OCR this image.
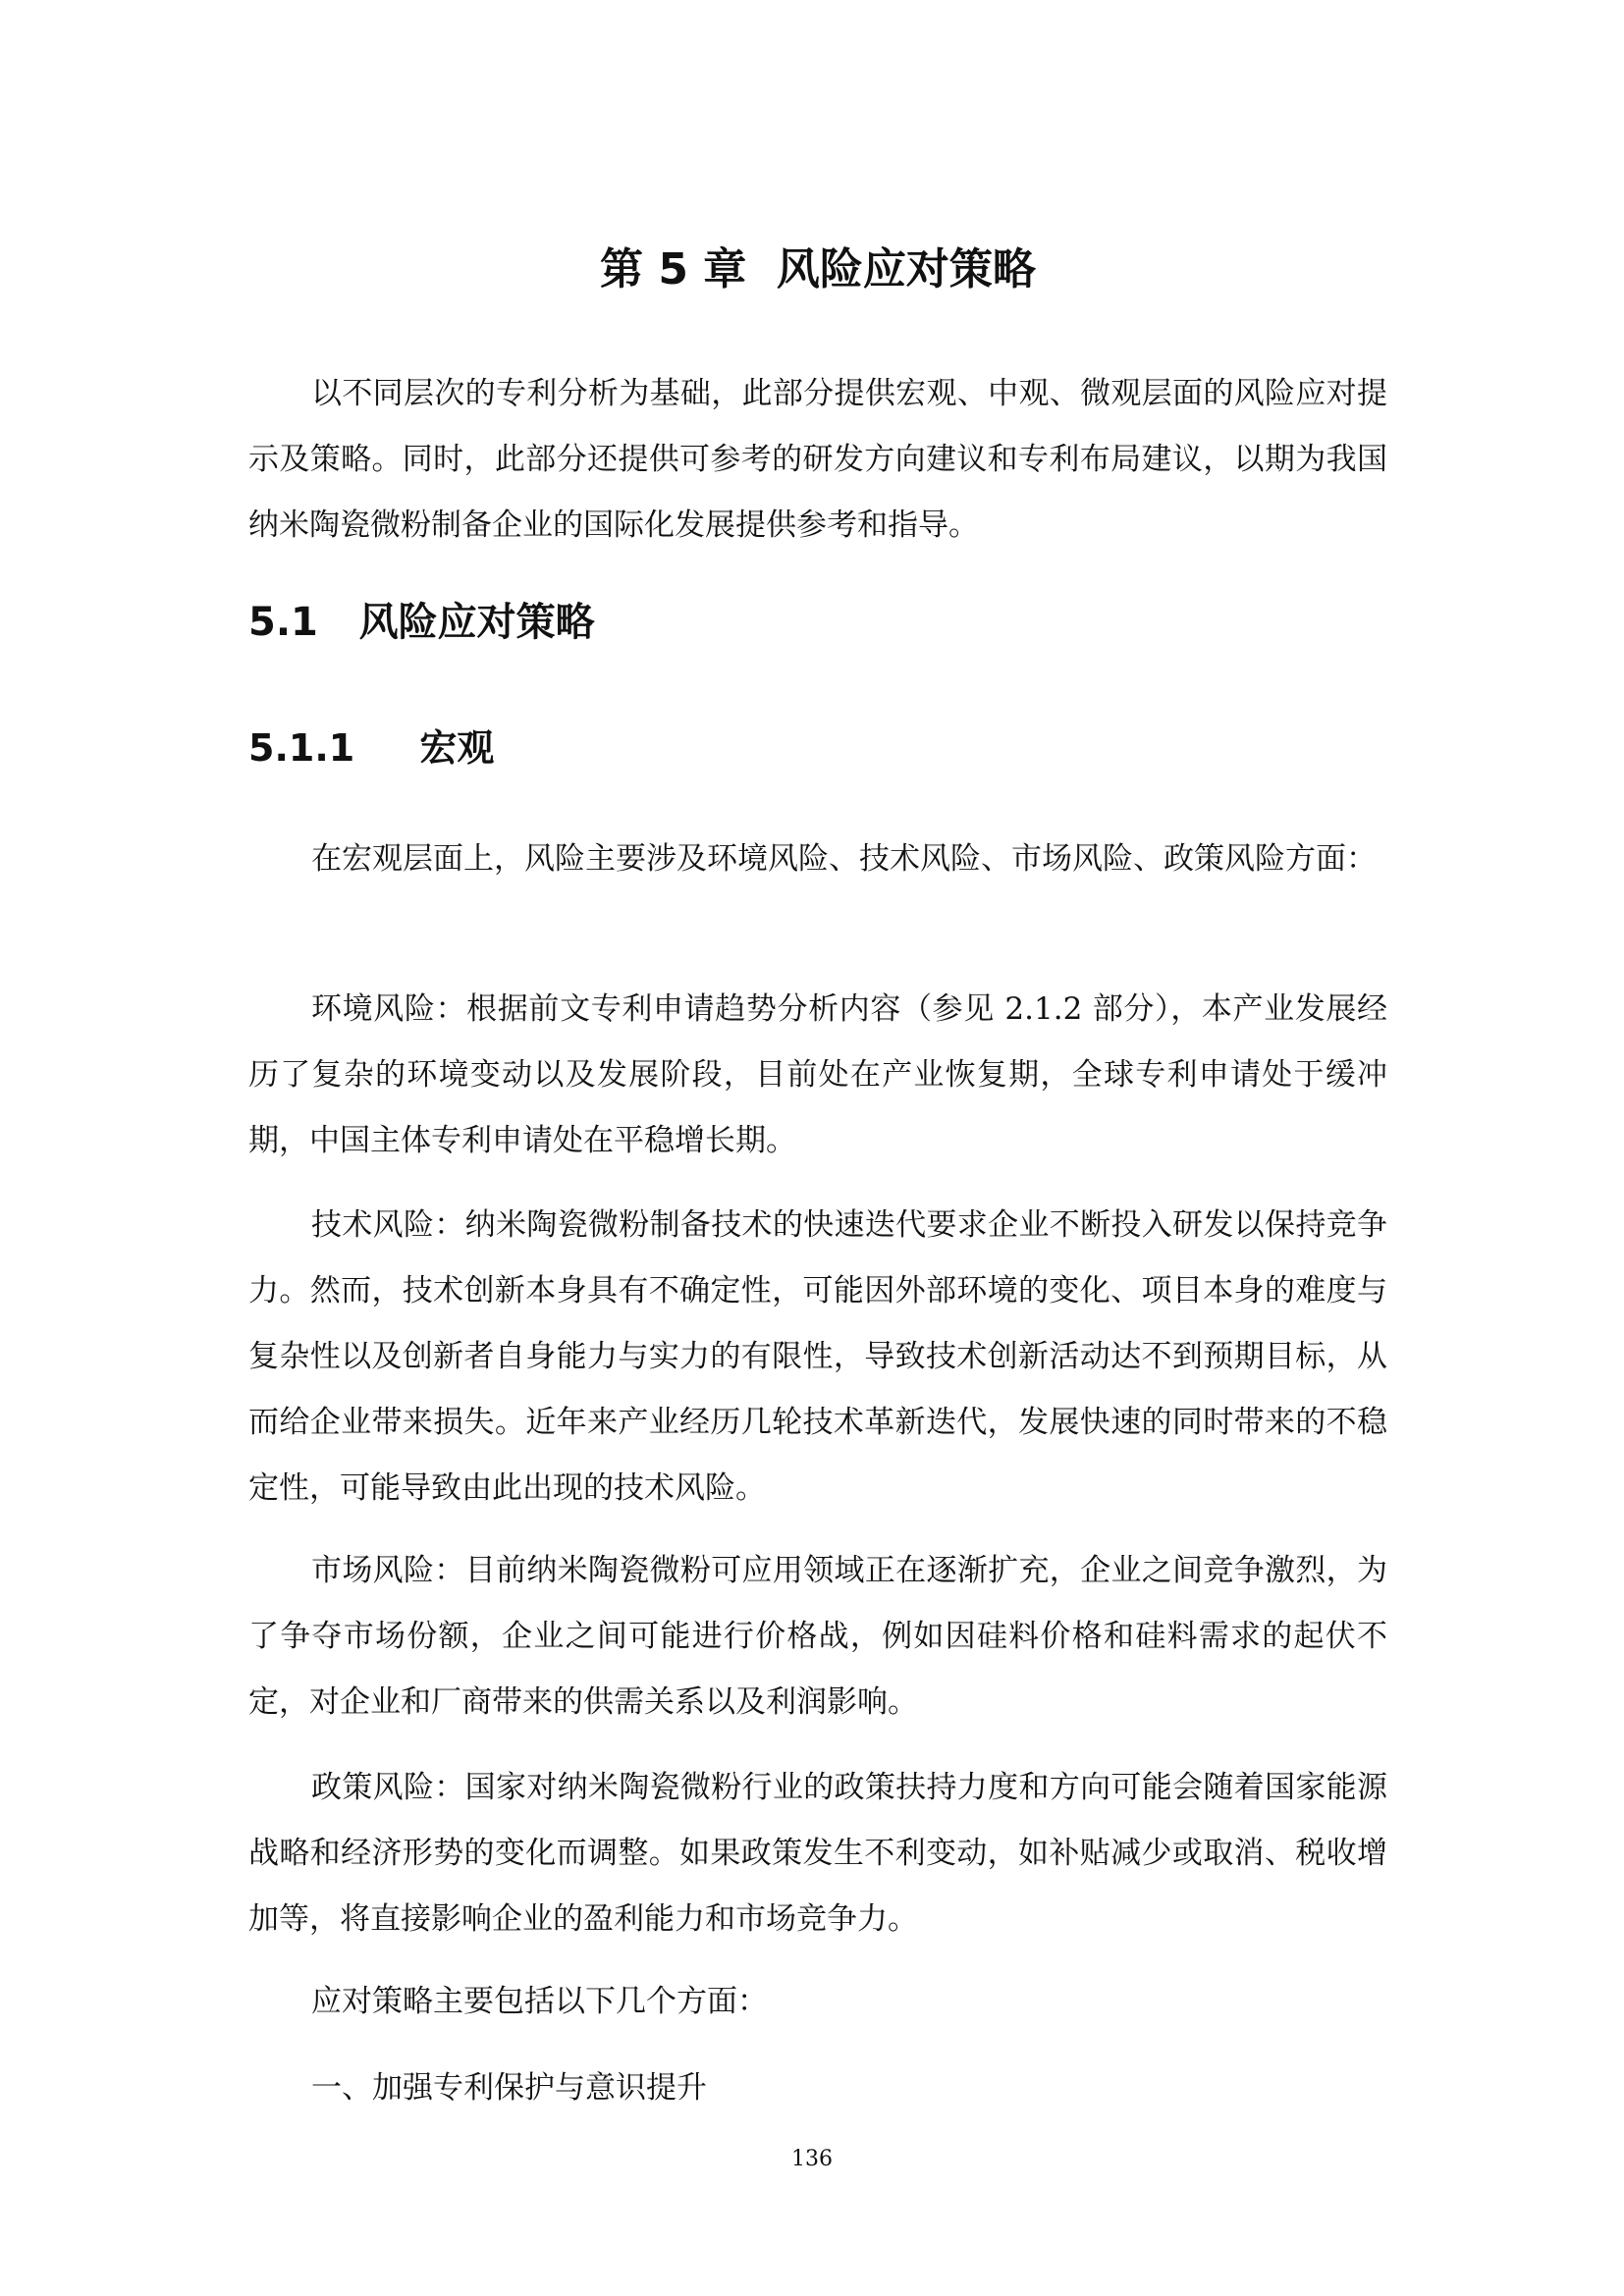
第 5 章  风险应对策略

以不同层次的专利分析为基础，此部分提供宏观、中观、微观层面的风险应对提示及策略。同时，此部分还提供可参考的研发方向建议和专利布局建议，以期为我国纳米陶瓷微粉制备企业的国际化发展提供参考和指导。

5.1   风险应对策略
5.1.1     宏观

在宏观层面上，风险主要涉及环境风险、技术风险、市场风险、政策风险方面：

环境风险：根据前文专利申请趋势分析内容（参见 2.1.2 部分），本产业发展经历了复杂的环境变动以及发展阶段，目前处在产业恢复期，全球专利申请处于缓冲期，中国主体专利申请处在平稳增长期。

技术风险：纳米陶瓷微粉制备技术的快速迭代要求企业不断投入研发以保持竞争力。然而，技术创新本身具有不确定性，可能因外部环境的变化、项目本身的难度与复杂性以及创新者自身能力与实力的有限性，导致技术创新活动达不到预期目标，从而给企业带来损失。近年来产业经历几轮技术革新迭代，发展快速的同时带来的不稳定性，可能导致由此出现的技术风险。

市场风险：目前纳米陶瓷微粉可应用领域正在逐渐扩充，企业之间竞争激烈，为了争夺市场份额，企业之间可能进行价格战，例如因硅料价格和硅料需求的起伏不定，对企业和厂商带来的供需关系以及利润影响。

政策风险：国家对纳米陶瓷微粉行业的政策扶持力度和方向可能会随着国家能源战略和经济形势的变化而调整。如果政策发生不利变动，如补贴减少或取消、税收增加等，将直接影响企业的盈利能力和市场竞争力。

应对策略主要包括以下几个方面：

一、加强专利保护与意识提升

136
